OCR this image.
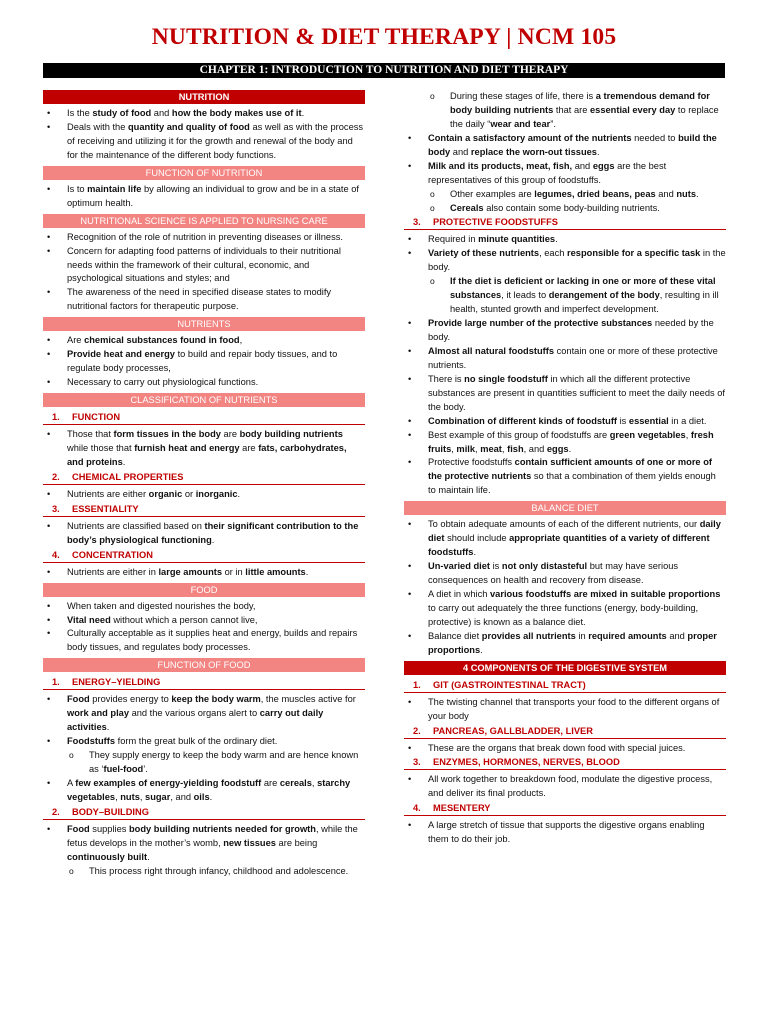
NUTRITION & DIET THERAPY | NCM 105
CHAPTER 1: INTRODUCTION TO NUTRITION AND DIET THERAPY
NUTRITION
• Is the study of food and how the body makes use of it.
• Deals with the quantity and quality of food as well as with the process of receiving and utilizing it for the growth and renewal of the body and for the maintenance of the different body functions.
FUNCTION OF NUTRITION
• Is to maintain life by allowing an individual to grow and be in a state of optimum health.
NUTRITIONAL SCIENCE IS APPLIED TO NURSING CARE
• Recognition of the role of nutrition in preventing diseases or illness.
• Concern for adapting food patterns of individuals to their nutritional needs within the framework of their cultural, economic, and psychological situations and styles; and
• The awareness of the need in specified disease states to modify nutritional factors for therapeutic purpose.
NUTRIENTS
• Are chemical substances found in food,
• Provide heat and energy to build and repair body tissues, and to regulate body processes,
• Necessary to carry out physiological functions.
CLASSIFICATION OF NUTRIENTS
1. FUNCTION
• Those that form tissues in the body are body building nutrients while those that furnish heat and energy are fats, carbohydrates, and proteins.
2. CHEMICAL PROPERTIES
• Nutrients are either organic or inorganic.
3. ESSENTIALITY
• Nutrients are classified based on their significant contribution to the body’s physiological functioning.
4. CONCENTRATION
• Nutrients are either in large amounts or in little amounts.
FOOD
• When taken and digested nourishes the body,
• Vital need without which a person cannot live,
• Culturally acceptable as it supplies heat and energy, builds and repairs body tissues, and regulates body processes.
FUNCTION OF FOOD
1. ENERGY–YIELDING
• Food provides energy to keep the body warm, the muscles active for work and play and the various organs alert to carry out daily activities.
• Foodstuffs form the great bulk of the ordinary diet.
o They supply energy to keep the body warm and are hence known as ‘fuel-food’.
• A few examples of energy-yielding foodstuff are cereals, starchy vegetables, nuts, sugar, and oils.
2. BODY–BUILDING
• Food supplies body building nutrients needed for growth, while the fetus develops in the mother’s womb, new tissues are being continuously built.
o This process right through infancy, childhood and adolescence.
o During these stages of life, there is a tremendous demand for body building nutrients that are essential every day to replace the daily “wear and tear”.
• Contain a satisfactory amount of the nutrients needed to build the body and replace the worn-out tissues.
• Milk and its products, meat, fish, and eggs are the best representatives of this group of foodstuffs.
o Other examples are legumes, dried beans, peas and nuts.
o Cereals also contain some body-building nutrients.
3. PROTECTIVE FOODSTUFFS
• Required in minute quantities.
• Variety of these nutrients, each responsible for a specific task in the body.
o If the diet is deficient or lacking in one or more of these vital substances, it leads to derangement of the body, resulting in ill health, stunted growth and imperfect development.
• Provide large number of the protective substances needed by the body.
• Almost all natural foodstuffs contain one or more of these protective nutrients.
• There is no single foodstuff in which all the different protective substances are present in quantities sufficient to meet the daily needs of the body.
• Combination of different kinds of foodstuff is essential in a diet.
• Best example of this group of foodstuffs are green vegetables, fresh fruits, milk, meat, fish, and eggs.
• Protective foodstuffs contain sufficient amounts of one or more of the protective nutrients so that a combination of them yields enough to maintain life.
BALANCE DIET
• To obtain adequate amounts of each of the different nutrients, our daily diet should include appropriate quantities of a variety of different foodstuffs.
• Un-varied diet is not only distasteful but may have serious consequences on health and recovery from disease.
• A diet in which various foodstuffs are mixed in suitable proportions to carry out adequately the three functions (energy, body-building, protective) is known as a balance diet.
• Balance diet provides all nutrients in required amounts and proper proportions.
4 COMPONENTS OF THE DIGESTIVE SYSTEM
1. GIT (GASTROINTESTINAL TRACT)
• The twisting channel that transports your food to the different organs of your body
2. PANCREAS, GALLBLADDER, LIVER
• These are the organs that break down food with special juices.
3. ENZYMES, HORMONES, NERVES, BLOOD
• All work together to breakdown food, modulate the digestive process, and deliver its final products.
4. MESENTERY
• A large stretch of tissue that supports the digestive organs enabling them to do their job.
